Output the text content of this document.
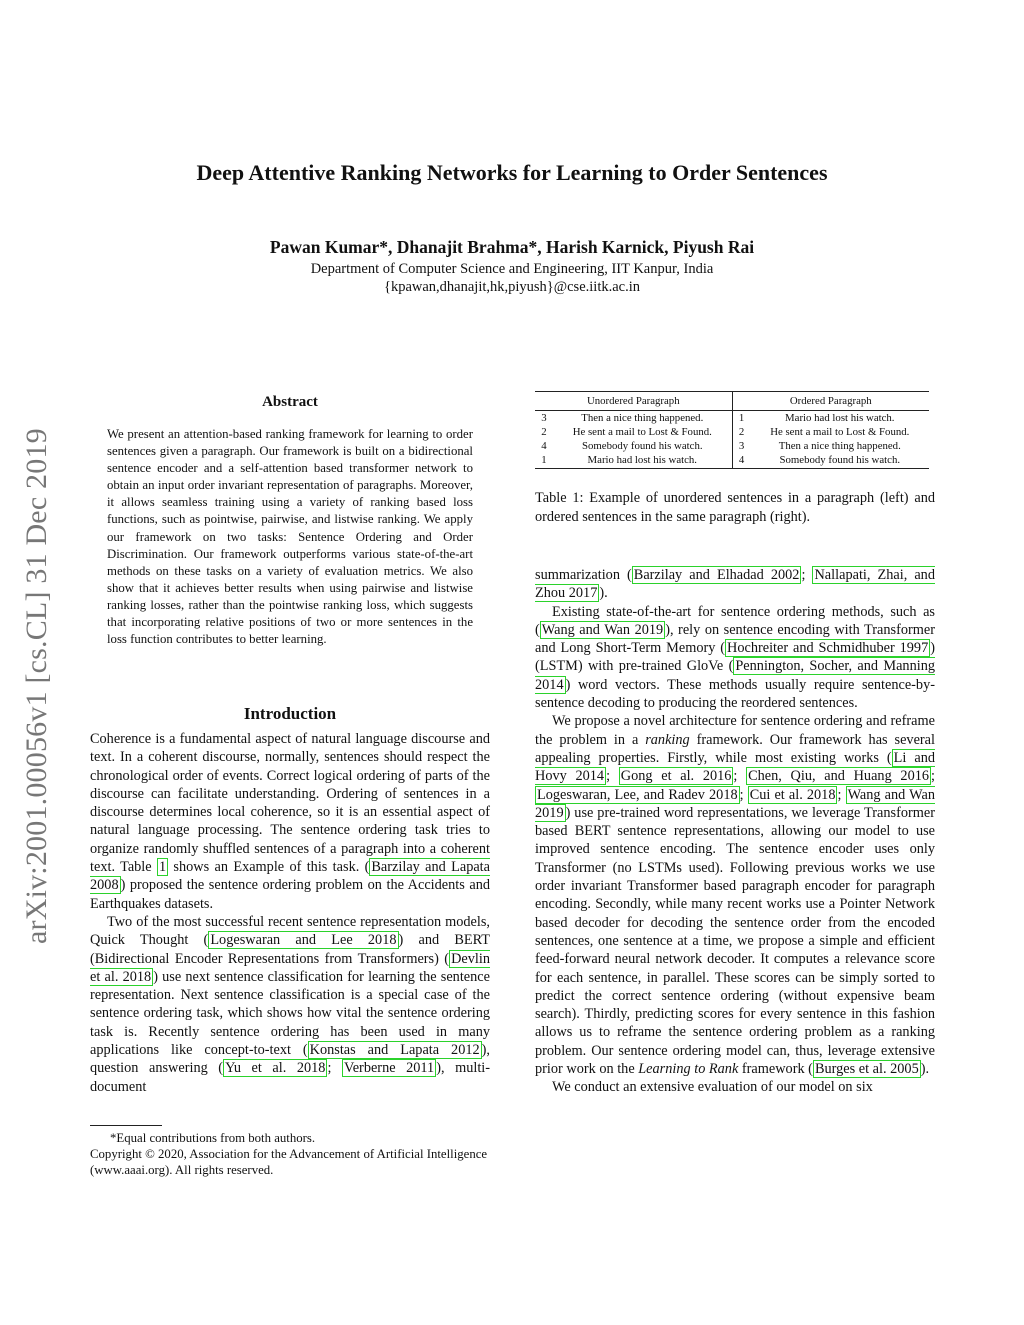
arXiv:2001.00056v1 [cs.CL] 31 Dec 2019
Deep Attentive Ranking Networks for Learning to Order Sentences
Pawan Kumar*, Dhanajit Brahma*, Harish Karnick, Piyush Rai
Department of Computer Science and Engineering, IIT Kanpur, India
{kpawan,dhanajit,hk,piyush}@cse.iitk.ac.in
Abstract
We present an attention-based ranking framework for learning to order sentences given a paragraph. Our framework is built on a bidirectional sentence encoder and a self-attention based transformer network to obtain an input order invariant representation of paragraphs. Moreover, it allows seamless training using a variety of ranking based loss functions, such as pointwise, pairwise, and listwise ranking. We apply our framework on two tasks: Sentence Ordering and Order Discrimination. Our framework outperforms various state-of-the-art methods on these tasks on a variety of evaluation metrics. We also show that it achieves better results when using pairwise and listwise ranking losses, rather than the pointwise ranking loss, which suggests that incorporating relative positions of two or more sentences in the loss function contributes to better learning.
Introduction

Coherence is a fundamental aspect of natural language discourse and text. In a coherent discourse, normally, sentences should respect the chronological order of events. Correct logical ordering of parts of the discourse can facilitate understanding. Ordering of sentences in a discourse determines local coherence, so it is an essential aspect of natural language processing. The sentence ordering task tries to organize randomly shuffled sentences of a paragraph into a coherent text. Table 1 shows an Example of this task. ( Barzilay and Lapata 2008 ) proposed the sentence ordering problem on the Accidents and Earthquakes datasets.

Two of the most successful recent sentence representation models, Quick Thought ( Logeswaran and Lee 2018 ) and BERT (Bidirectional Encoder Representations from Transformers) ( Devlin et al. 2018 ) use next sentence classification for learning the sentence representation. Next sentence classification is a special case of the sentence ordering task, which shows how vital the sentence ordering task is. Recently sentence ordering has been used in many applications like concept-to-text ( Konstas and Lapata 2012 ), question answering ( Yu et al. 2018 ; Verberne 2011 ), multi-document

*Equal contributions from both authors.
Copyright © 2020, Association for the Advancement of Artificial Intelligence (www.aaai.org). All rights reserved.
Unordered Paragraph		Ordered Paragraph	
3	Then a nice thing happened.	1	Mario had lost his watch.
2	He sent a mail to Lost & Found.	2	He sent a mail to Lost & Found.
4	Somebody found his watch.	3	Then a nice thing happened.
1	Mario had lost his watch.	4	Somebody found his watch.
Table 1: Example of unordered sentences in a paragraph (left) and ordered sentences in the same paragraph (right).

summarization ( Barzilay and Elhadad 2002 ; Nallapati, Zhai, and Zhou 2017 ).

Existing state-of-the-art for sentence ordering methods, such as ( Wang and Wan 2019 ), rely on sentence encoding with Transformer and Long Short-Term Memory ( Hochreiter and Schmidhuber 1997 ) (LSTM) with pre-trained GloVe ( Pennington, Socher, and Manning 2014 ) word vectors. These methods usually require sentence-by-sentence decoding to producing the reordered sentences.

We propose a novel architecture for sentence ordering and reframe the problem in a ranking framework. Our framework has several appealing properties. Firstly, while most existing works ( Li and Hovy 2014 ; Gong et al. 2016 ; Chen, Qiu, and Huang 2016 ; Logeswaran, Lee, and Radev 2018 ; Cui et al. 2018 ; Wang and Wan 2019 ) use pre-trained word representations, we leverage Transformer based BERT sentence representations, allowing our model to use improved sentence encoding. The sentence encoder uses only Transformer (no LSTMs used). Following previous works we use order invariant Transformer based paragraph encoder for paragraph encoding. Secondly, while many recent works use a Pointer Network based decoder for decoding the sentence order from the encoded sentences, one sentence at a time, we propose a simple and efficient feed-forward neural network decoder. It computes a relevance score for each sentence, in parallel. These scores can be simply sorted to predict the correct sentence ordering (without expensive beam search). Thirdly, predicting scores for every sentence in this fashion allows us to reframe the sentence ordering problem as a ranking problem. Our sentence ordering model can, thus, leverage extensive prior work on the Learning to Rank framework ( Burges et al. 2005 ).

We conduct an extensive evaluation of our model on six
